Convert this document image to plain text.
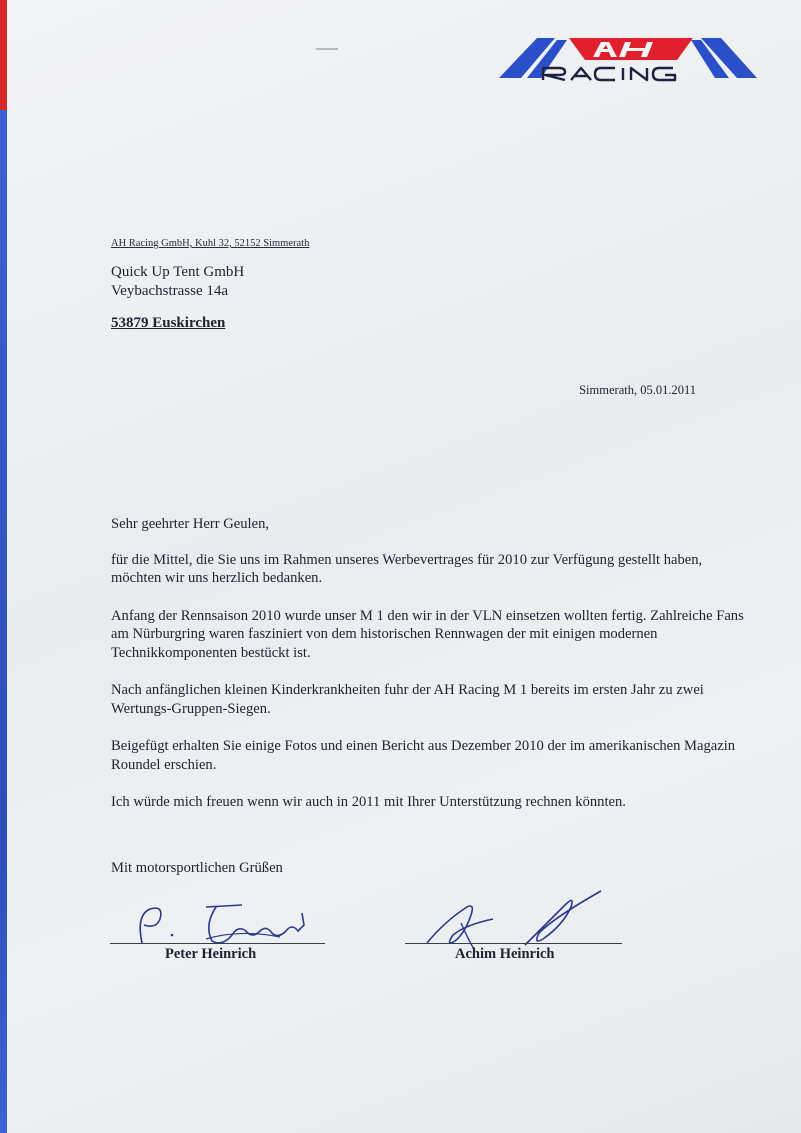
AH Racing GmbH, Kuhl 32, 52152 Simmerath
Quick Up Tent GmbH
Veybachstrasse 14a
53879 Euskirchen
Simmerath, 05.01.2011

Sehr geehrter Herr Geulen,

für die Mittel, die Sie uns im Rahmen unseres Werbevertrages für 2010 zur Verfügung gestellt haben, möchten wir uns herzlich bedanken.

Anfang der Rennsaison 2010 wurde unser M 1 den wir in der VLN einsetzen wollten fertig. Zahlreiche Fans am Nürburgring waren fasziniert von dem historischen Rennwagen der mit einigen modernen Technikkomponenten bestückt ist.

Nach anfänglichen kleinen Kinderkrankheiten fuhr der AH Racing M 1 bereits im ersten Jahr zu zwei Wertungs-Gruppen-Siegen.

Beigefügt erhalten Sie einige Fotos und einen Bericht aus Dezember 2010 der im amerikanischen Magazin Roundel erschien.

Ich würde mich freuen wenn wir auch in 2011 mit Ihrer Unterstützung rechnen könnten.

Mit motorsportlichen Grüßen
Peter Heinrich	Achim Heinrich
